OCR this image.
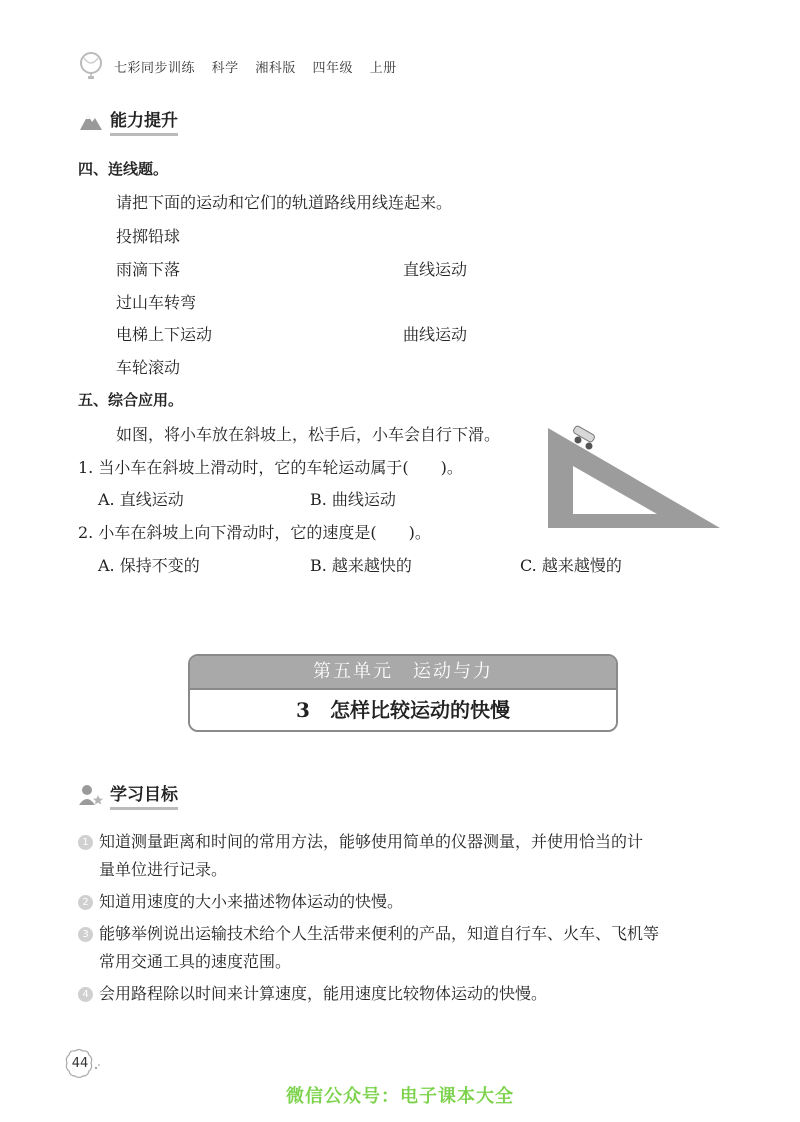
七彩同步训练 科学 湘科版 四年级 上册
能力提升
四、连线题。
请把下面的运动和它们的轨道路线用线连起来。
投掷铅球
雨滴下落
过山车转弯
电梯上下运动
车轮滚动
直线运动
曲线运动
五、综合应用。
如图，将小车放在斜坡上，松手后，小车会自行下滑。
1. 当小车在斜坡上滑动时，它的车轮运动属于(　　)。
A. 直线运动	B. 曲线运动
2. 小车在斜坡上向下滑动时，它的速度是(　　)。
A. 保持不变的	B. 越来越快的	C. 越来越慢的
第五单元　运动与力
3　怎样比较运动的快慢
学习目标
1 知道测量距离和时间的常用方法，能够使用简单的仪器测量，并使用恰当的计
量单位进行记录。
2 知道用速度的大小来描述物体运动的快慢。
3 能够举例说出运输技术给个人生活带来便利的产品，知道自行车、火车、飞机等
常用交通工具的速度范围。
4 会用路程除以时间来计算速度，能用速度比较物体运动的快慢。
44
微信公众号：电子课本大全
